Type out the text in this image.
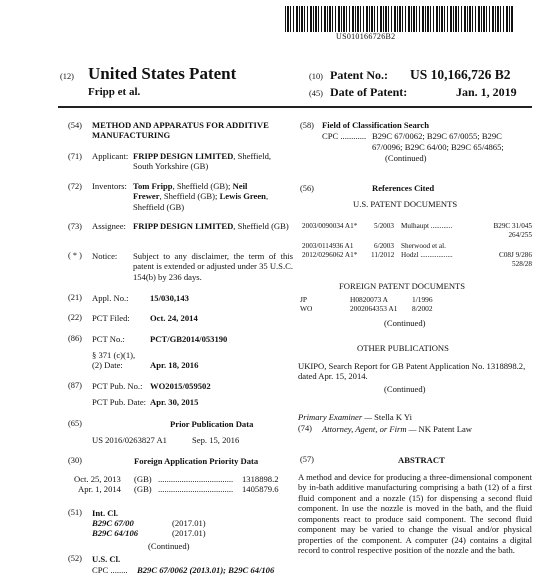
US010166726B2
(12) United States Patent
Fripp et al.
(10) Patent No.: US 10,166,726 B2
(45) Date of Patent:	Jan. 1, 2019
(54) METHOD AND APPARATUS FOR ADDITIVE MANUFACTURING
(71) Applicant: FRIPP DESIGN LIMITED, Sheffield, South Yorkshire (GB)
(72) Inventors: Tom Fripp, Sheffield (GB); Neil
Frewer, Sheffield (GB); Lewis Green,
Sheffield (GB)
(73) Assignee: FRIPP DESIGN LIMITED, Sheffield (GB)
( * ) Notice: Subject to any disclaimer, the term of this patent is extended or adjusted under 35 U.S.C. 154(b) by 236 days.
(21) Appl. No.: 15/030,143
(22) PCT Filed: Oct. 24, 2014
(86) PCT No.:	PCT/GB2014/053190
§ 371 (c)(1),
(2) Date:	Apr. 18, 2016
(87) PCT Pub. No.: WO2015/059502
PCT Pub. Date: Apr. 30, 2015
(65)	Prior Publication Data
US 2016/0263827 A1	Sep. 15, 2016
(30)	Foreign Application Priority Data
Oct. 25, 2013 (GB) ...................................	1318898.2
Apr. 1, 2014 (GB) ...................................	1405879.6
(51) Int. Cl.
B29C 67/00	(2017.01)
B29C 64/106	(2017.01)
(Continued)
(52) U.S. Cl.
CPC ........ B29C 67/0062 (2013.01); B29C 64/106
(58) Field of Classification Search
CPC ............ B29C 67/0062; B29C 67/0055; B29C
67/0096; B29C 64/00; B29C 65/4865;
(Continued)
(56)	References Cited
U.S. PATENT DOCUMENTS
2003/0090034 A1* 5/2003 Mulhaupt ............	B29C 31/045
264/255
2003/0114936 A1	6/2003 Sherwood et al.
2012/0296062 A1* 11/2012 Hodzl ..................	C08J 9/286
528/28
FOREIGN PATENT DOCUMENTS
JP	H0820073 A	1/1996
WO	2002064353 A1 8/2002
(Continued)
OTHER PUBLICATIONS
UKIPO, Search Report for GB Patent Application No. 1318898.2, dated Apr. 15, 2014.
(Continued)
Primary Examiner — Stella K Yi
(74) Attorney, Agent, or Firm — NK Patent Law
(57)	ABSTRACT
A method and device for producing a three-dimensional component by in-bath additive manufacturing comprising a bath (12) of a first fluid component and a nozzle (15) for dispensing a second fluid component. In use the nozzle is moved in the bath, and the fluid components react to produce said component. The second fluid component may be varied to change the visual and/or physical properties of the component. A computer (24) contains a digital record to control respective position of the nozzle and the bath.
